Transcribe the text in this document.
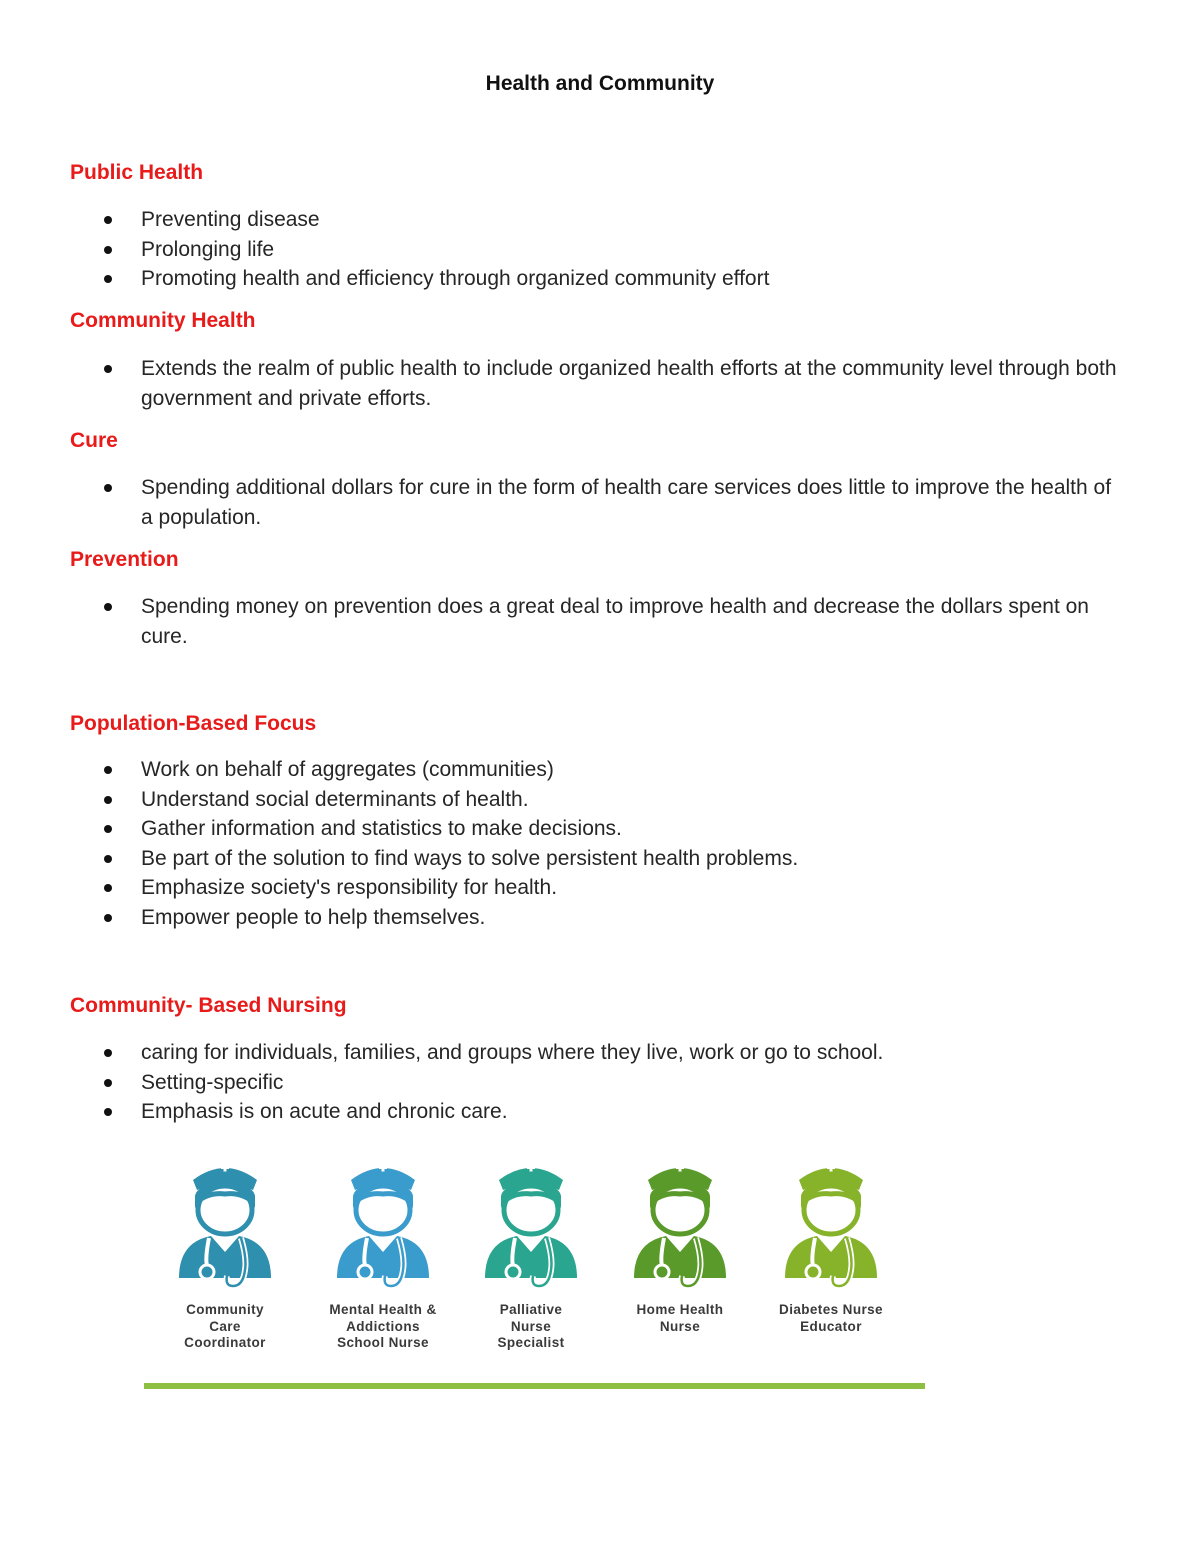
Health and Community
Public Health
Preventing disease
Prolonging life
Promoting health and efficiency through organized community effort
Community Health
Extends the realm of public health to include organized health efforts at the community level through both government and private efforts.
Cure
Spending additional dollars for cure in the form of health care services does little to improve the health of a population.
Prevention
Spending money on prevention does a great deal to improve health and decrease the dollars spent on cure.
Population-Based Focus
Work on behalf of aggregates (communities)
Understand social determinants of health.
Gather information and statistics to make decisions.
Be part of the solution to find ways to solve persistent health problems.
Emphasize society's responsibility for health.
Empower people to help themselves.
Community- Based Nursing
caring for individuals, families, and groups where they live, work or go to school.
Setting-specific
Emphasis is on acute and chronic care.
Community
Care
Coordinator
Mental Health &
Addictions
School Nurse
Palliative
Nurse
Specialist
Home Health
Nurse
Diabetes Nurse
Educator
